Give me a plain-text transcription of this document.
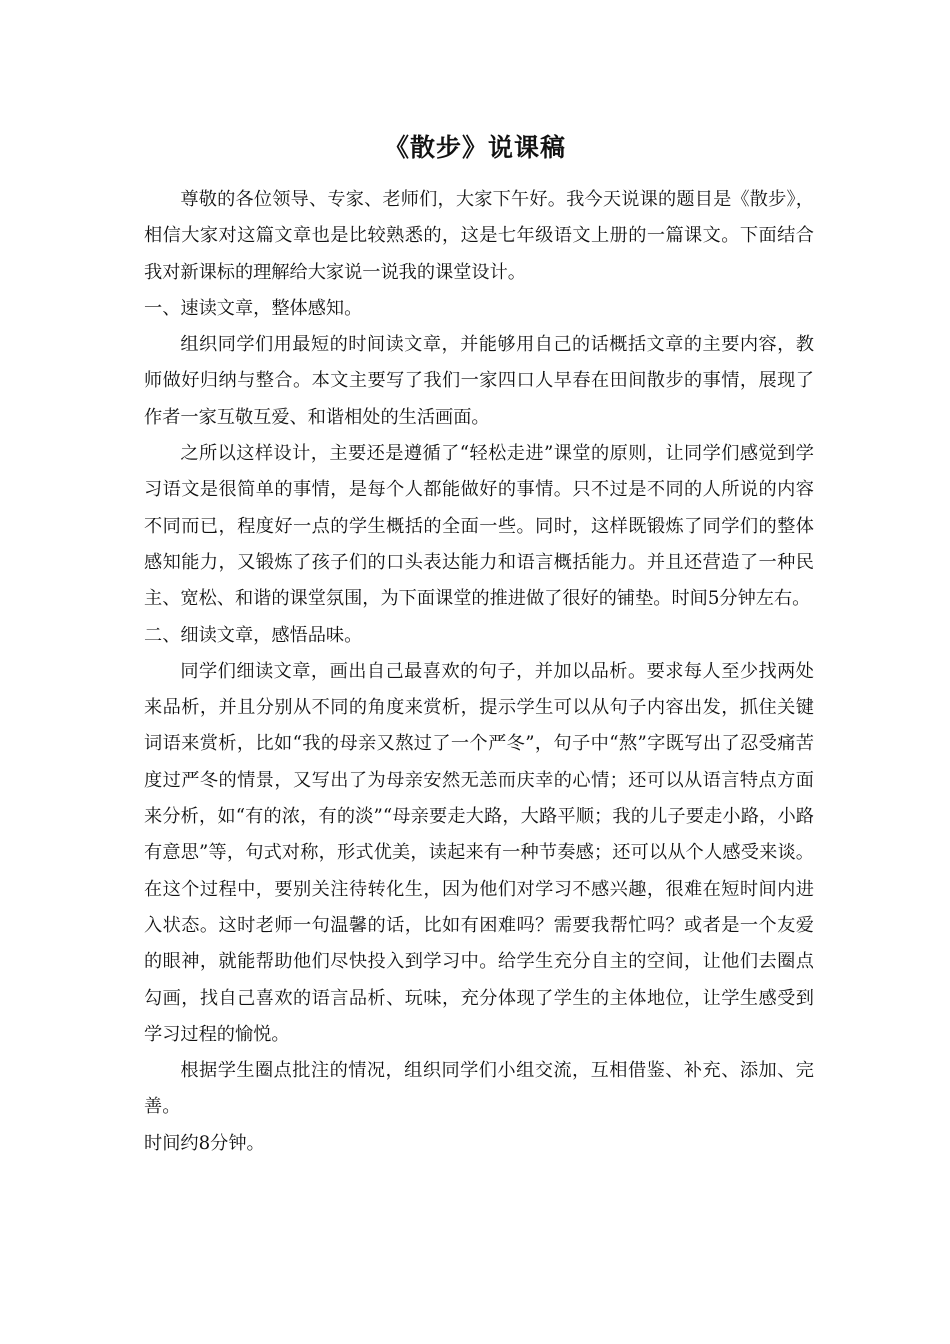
《散步》说课稿

尊敬的各位领导、专家、老师们，大家下午好。我今天说课的题目是《散步》，相信大家对这篇文章也是比较熟悉的，这是七年级语文上册的一篇课文。下面结合我对新课标的理解给大家说一说我的课堂设计。

一、速读文章，整体感知。

组织同学们用最短的时间读文章，并能够用自己的话概括文章的主要内容，教师做好归纳与整合。本文主要写了我们一家四口人早春在田间散步的事情，展现了作者一家互敬互爱、和谐相处的生活画面。

之所以这样设计，主要还是遵循了“轻松走进”课堂的原则，让同学们感觉到学习语文是很简单的事情，是每个人都能做好的事情。只不过是不同的人所说的内容不同而已，程度好一点的学生概括的全面一些。同时，这样既锻炼了同学们的整体感知能力，又锻炼了孩子们的口头表达能力和语言概括能力。并且还营造了一种民主、宽松、和谐的课堂氛围，为下面课堂的推进做了很好的铺垫。时间5分钟左右。

二、细读文章，感悟品味。

同学们细读文章，画出自己最喜欢的句子，并加以品析。要求每人至少找两处来品析，并且分别从不同的角度来赏析，提示学生可以从句子内容出发，抓住关键词语来赏析，比如“我的母亲又熬过了一个严冬”，句子中“熬”字既写出了忍受痛苦度过严冬的情景，又写出了为母亲安然无恙而庆幸的心情；还可以从语言特点方面来分析，如“有的浓，有的淡”“母亲要走大路，大路平顺；我的儿子要走小路，小路有意思”等，句式对称，形式优美，读起来有一种节奏感；还可以从个人感受来谈。在这个过程中，要别关注待转化生，因为他们对学习不感兴趣，很难在短时间内进入状态。这时老师一句温馨的话，比如有困难吗？需要我帮忙吗？或者是一个友爱的眼神，就能帮助他们尽快投入到学习中。给学生充分自主的空间，让他们去圈点勾画，找自己喜欢的语言品析、玩味，充分体现了学生的主体地位，让学生感受到学习过程的愉悦。

根据学生圈点批注的情况，组织同学们小组交流，互相借鉴、补充、添加、完善。

时间约8分钟。
